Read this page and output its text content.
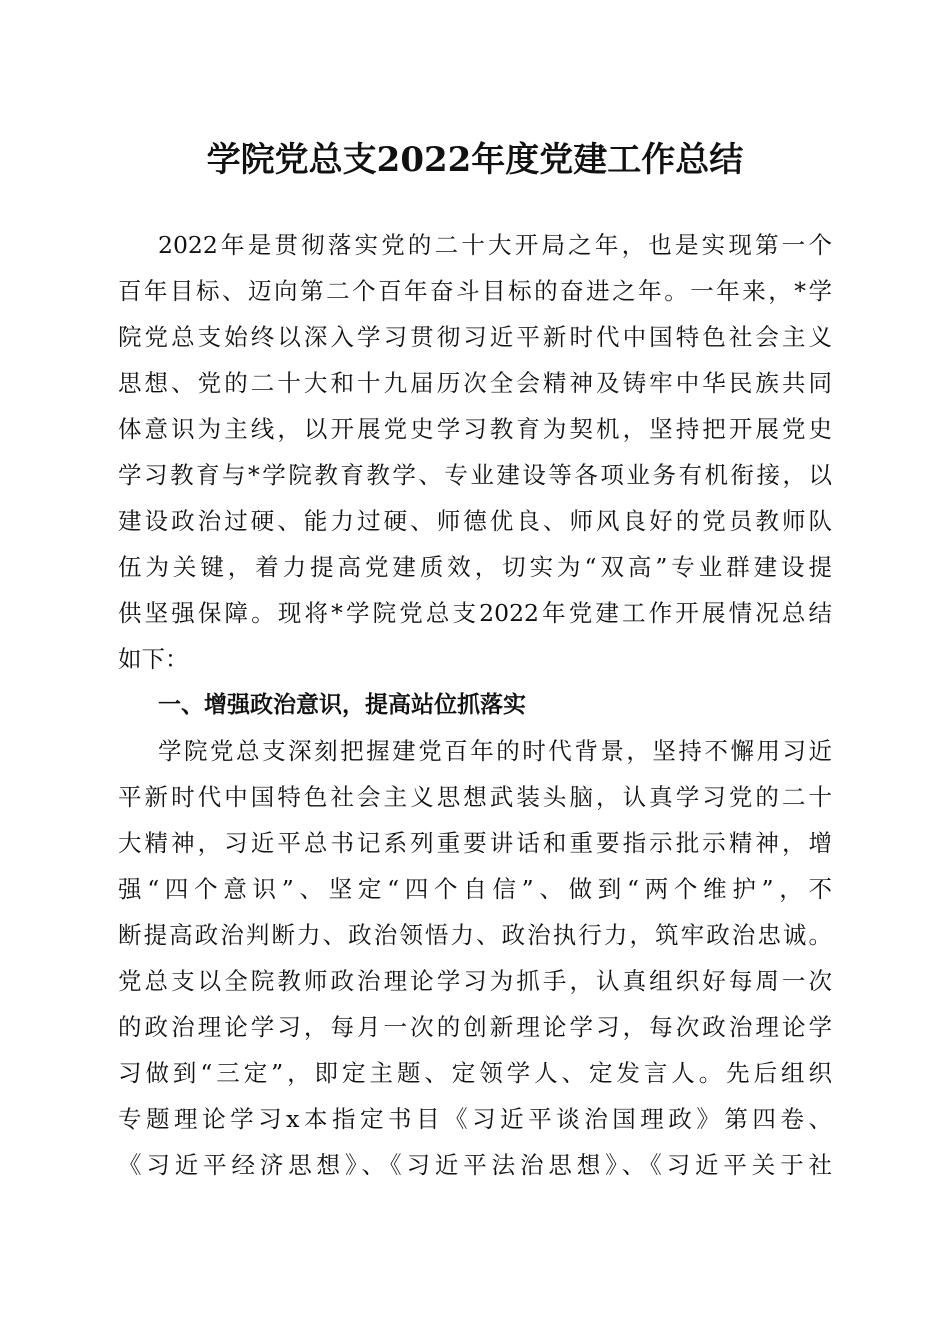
学院党总支2022年度党建工作总结
2022年是贯彻落实党的二十大开局之年，也是实现第一个
百年目标、迈向第二个百年奋斗目标的奋进之年。一年来，*学
院党总支始终以深入学习贯彻习近平新时代中国特色社会主义
思想、党的二十大和十九届历次全会精神及铸牢中华民族共同
体意识为主线，以开展党史学习教育为契机，坚持把开展党史
学习教育与*学院教育教学、专业建设等各项业务有机衔接，以
建设政治过硬、能力过硬、师德优良、师风良好的党员教师队
伍为关键，着力提高党建质效，切实为“双高”专业群建设提
供坚强保障。现将*学院党总支2022年党建工作开展情况总结
如下：
一、增强政治意识，提高站位抓落实
学院党总支深刻把握建党百年的时代背景，坚持不懈用习近
平新时代中国特色社会主义思想武装头脑，认真学习党的二十
大精神，习近平总书记系列重要讲话和重要指示批示精神，增
强“四个意识”、坚定“四个自信”、做到“两个维护”，不
断提高政治判断力、政治领悟力、政治执行力，筑牢政治忠诚。
党总支以全院教师政治理论学习为抓手，认真组织好每周一次
的政治理论学习，每月一次的创新理论学习，每次政治理论学
习做到“三定”，即定主题、定领学人、定发言人。先后组织
专题理论学习x本指定书目《习近平谈治国理政》第四卷、
《习近平经济思想》、《习近平法治思想》、《习近平关于社
